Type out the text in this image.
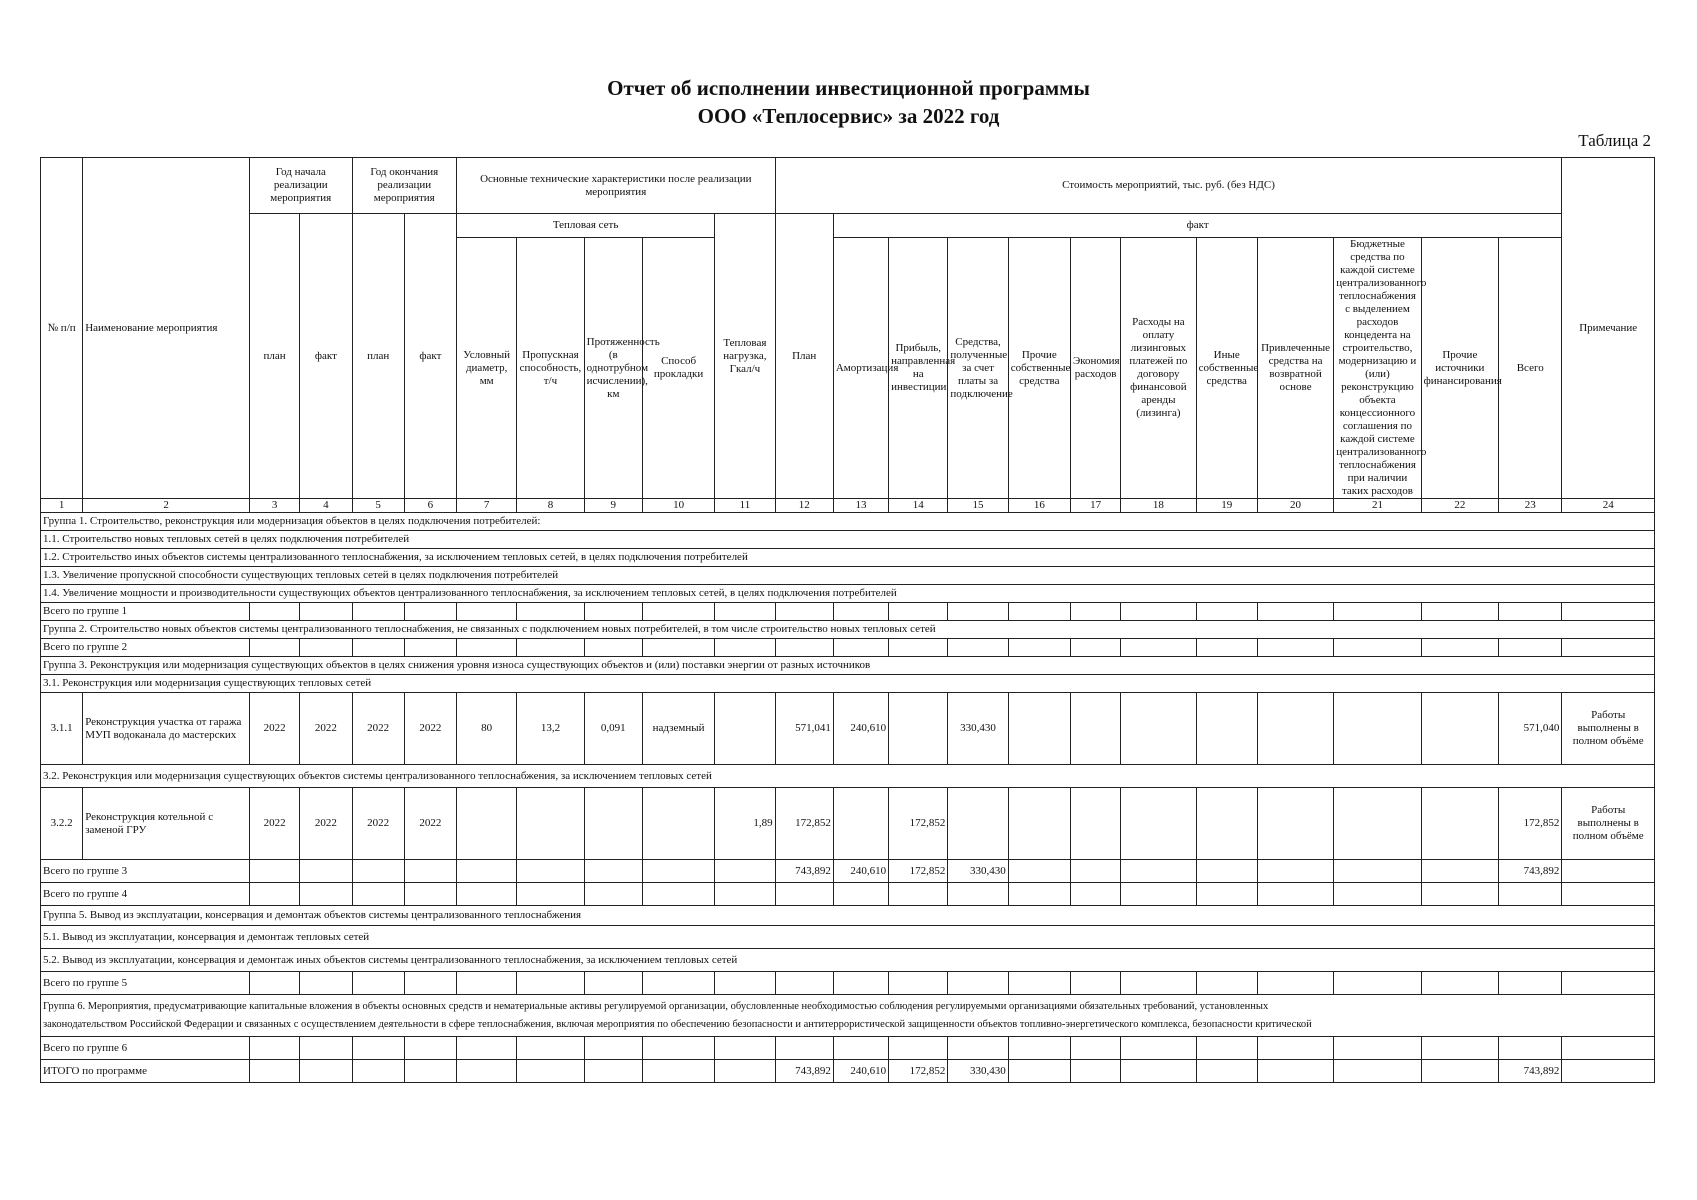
Отчет об исполнении инвестиционной программы
ООО «Теплосервис» за 2022 год
Таблица 2
№ п/п	Наименование мероприятия	Год начала реализации мероприятия		Год окончания реализации мероприятия		Основные технические характеристики после реализации мероприятия					Стоимость мероприятий, тыс. руб. (без НДС)												Примечание
		план	факт	план	факт	Тепловая сеть				Тепловая нагрузка, Гкал/ч	План	факт											
						Условный диаметр, мм	Пропускная способность, т/ч	Протяженность (в однотрубном исчислении), км	Способ прокладки			Амортизация	Прибыль, направленная на инвестиции	Средства, полученные за счет платы за подключение	Прочие собственные средства	Экономия расходов	Расходы на оплату лизинговых платежей по договору финансовой аренды (лизинга)	Иные собственные средства	Привлеченные средства на возвратной основе	Бюджетные средства по каждой системе централизованного теплоснабжения с выделением расходов концедента на строительство, модернизацию и (или) реконструкцию объекта концессионного соглашения по каждой системе централизованного теплоснабжения при наличии таких расходов	Прочие источники финансирования	Всего	
1	2	3	4	5	6	7	8	9	10	11	12	13	14	15	16	17	18	19	20	21	22	23	24
Группа 1. Строительство, реконструкция или модернизация объектов в целях подключения потребителей:																							
1.1. Строительство новых тепловых сетей в целях подключения потребителей																							
1.2. Строительство иных объектов системы централизованного теплоснабжения, за исключением тепловых сетей, в целях подключения потребителей																							
1.3. Увеличение пропускной способности существующих тепловых сетей в целях подключения потребителей																							
1.4. Увеличение мощности и производительности существующих объектов централизованного теплоснабжения, за исключением тепловых сетей, в целях подключения потребителей																							
Всего по группе 1																							
Группа 2. Строительство новых объектов системы централизованного теплоснабжения, не связанных с подключением новых потребителей, в том числе строительство новых тепловых сетей																							
Всего по группе 2																							
Группа 3. Реконструкция или модернизация существующих объектов в целях снижения уровня износа существующих объектов и (или) поставки энергии от разных источников																							
3.1. Реконструкция или модернизация существующих тепловых сетей																							
3.1.1	Реконструкция участка от гаража МУП водоканала до мастерских	2022	2022	2022	2022	80	13,2	0,091	надземный		571,041	240,610		330,430								571,040	Работы выполнены в полном объёме
3.2. Реконструкция или модернизация существующих объектов системы централизованного теплоснабжения, за исключением тепловых сетей																							
3.2.2	Реконструкция котельной с заменой ГРУ	2022	2022	2022	2022					1,89	172,852		172,852									172,852	Работы выполнены в полном объёме
Всего по группе 3											743,892	240,610	172,852	330,430								743,892	
Всего по группе 4																							
Группа 5. Вывод из эксплуатации, консервация и демонтаж объектов системы централизованного теплоснабжения																							
5.1. Вывод из эксплуатации, консервация и демонтаж тепловых сетей																							
5.2. Вывод из эксплуатации, консервация и демонтаж иных объектов системы централизованного теплоснабжения, за исключением тепловых сетей																							
Всего по группе 5																							

Группа 6. Мероприятия, предусматривающие капитальные вложения в объекты основных средств и нематериальные активы регулируемой организации, обусловленные необходимостью соблюдения регулируемыми организациями обязательных требований, установленных
законодательством Российской Федерации и связанных с осуществлением деятельности в сфере теплоснабжения, включая мероприятия по обеспечению безопасности и антитеррористической защищенности объектов топливно-энергетического комплекса, безопасности критической																							

Всего по группе 6																							
ИТОГО по программе											743,892	240,610	172,852	330,430								743,892	
